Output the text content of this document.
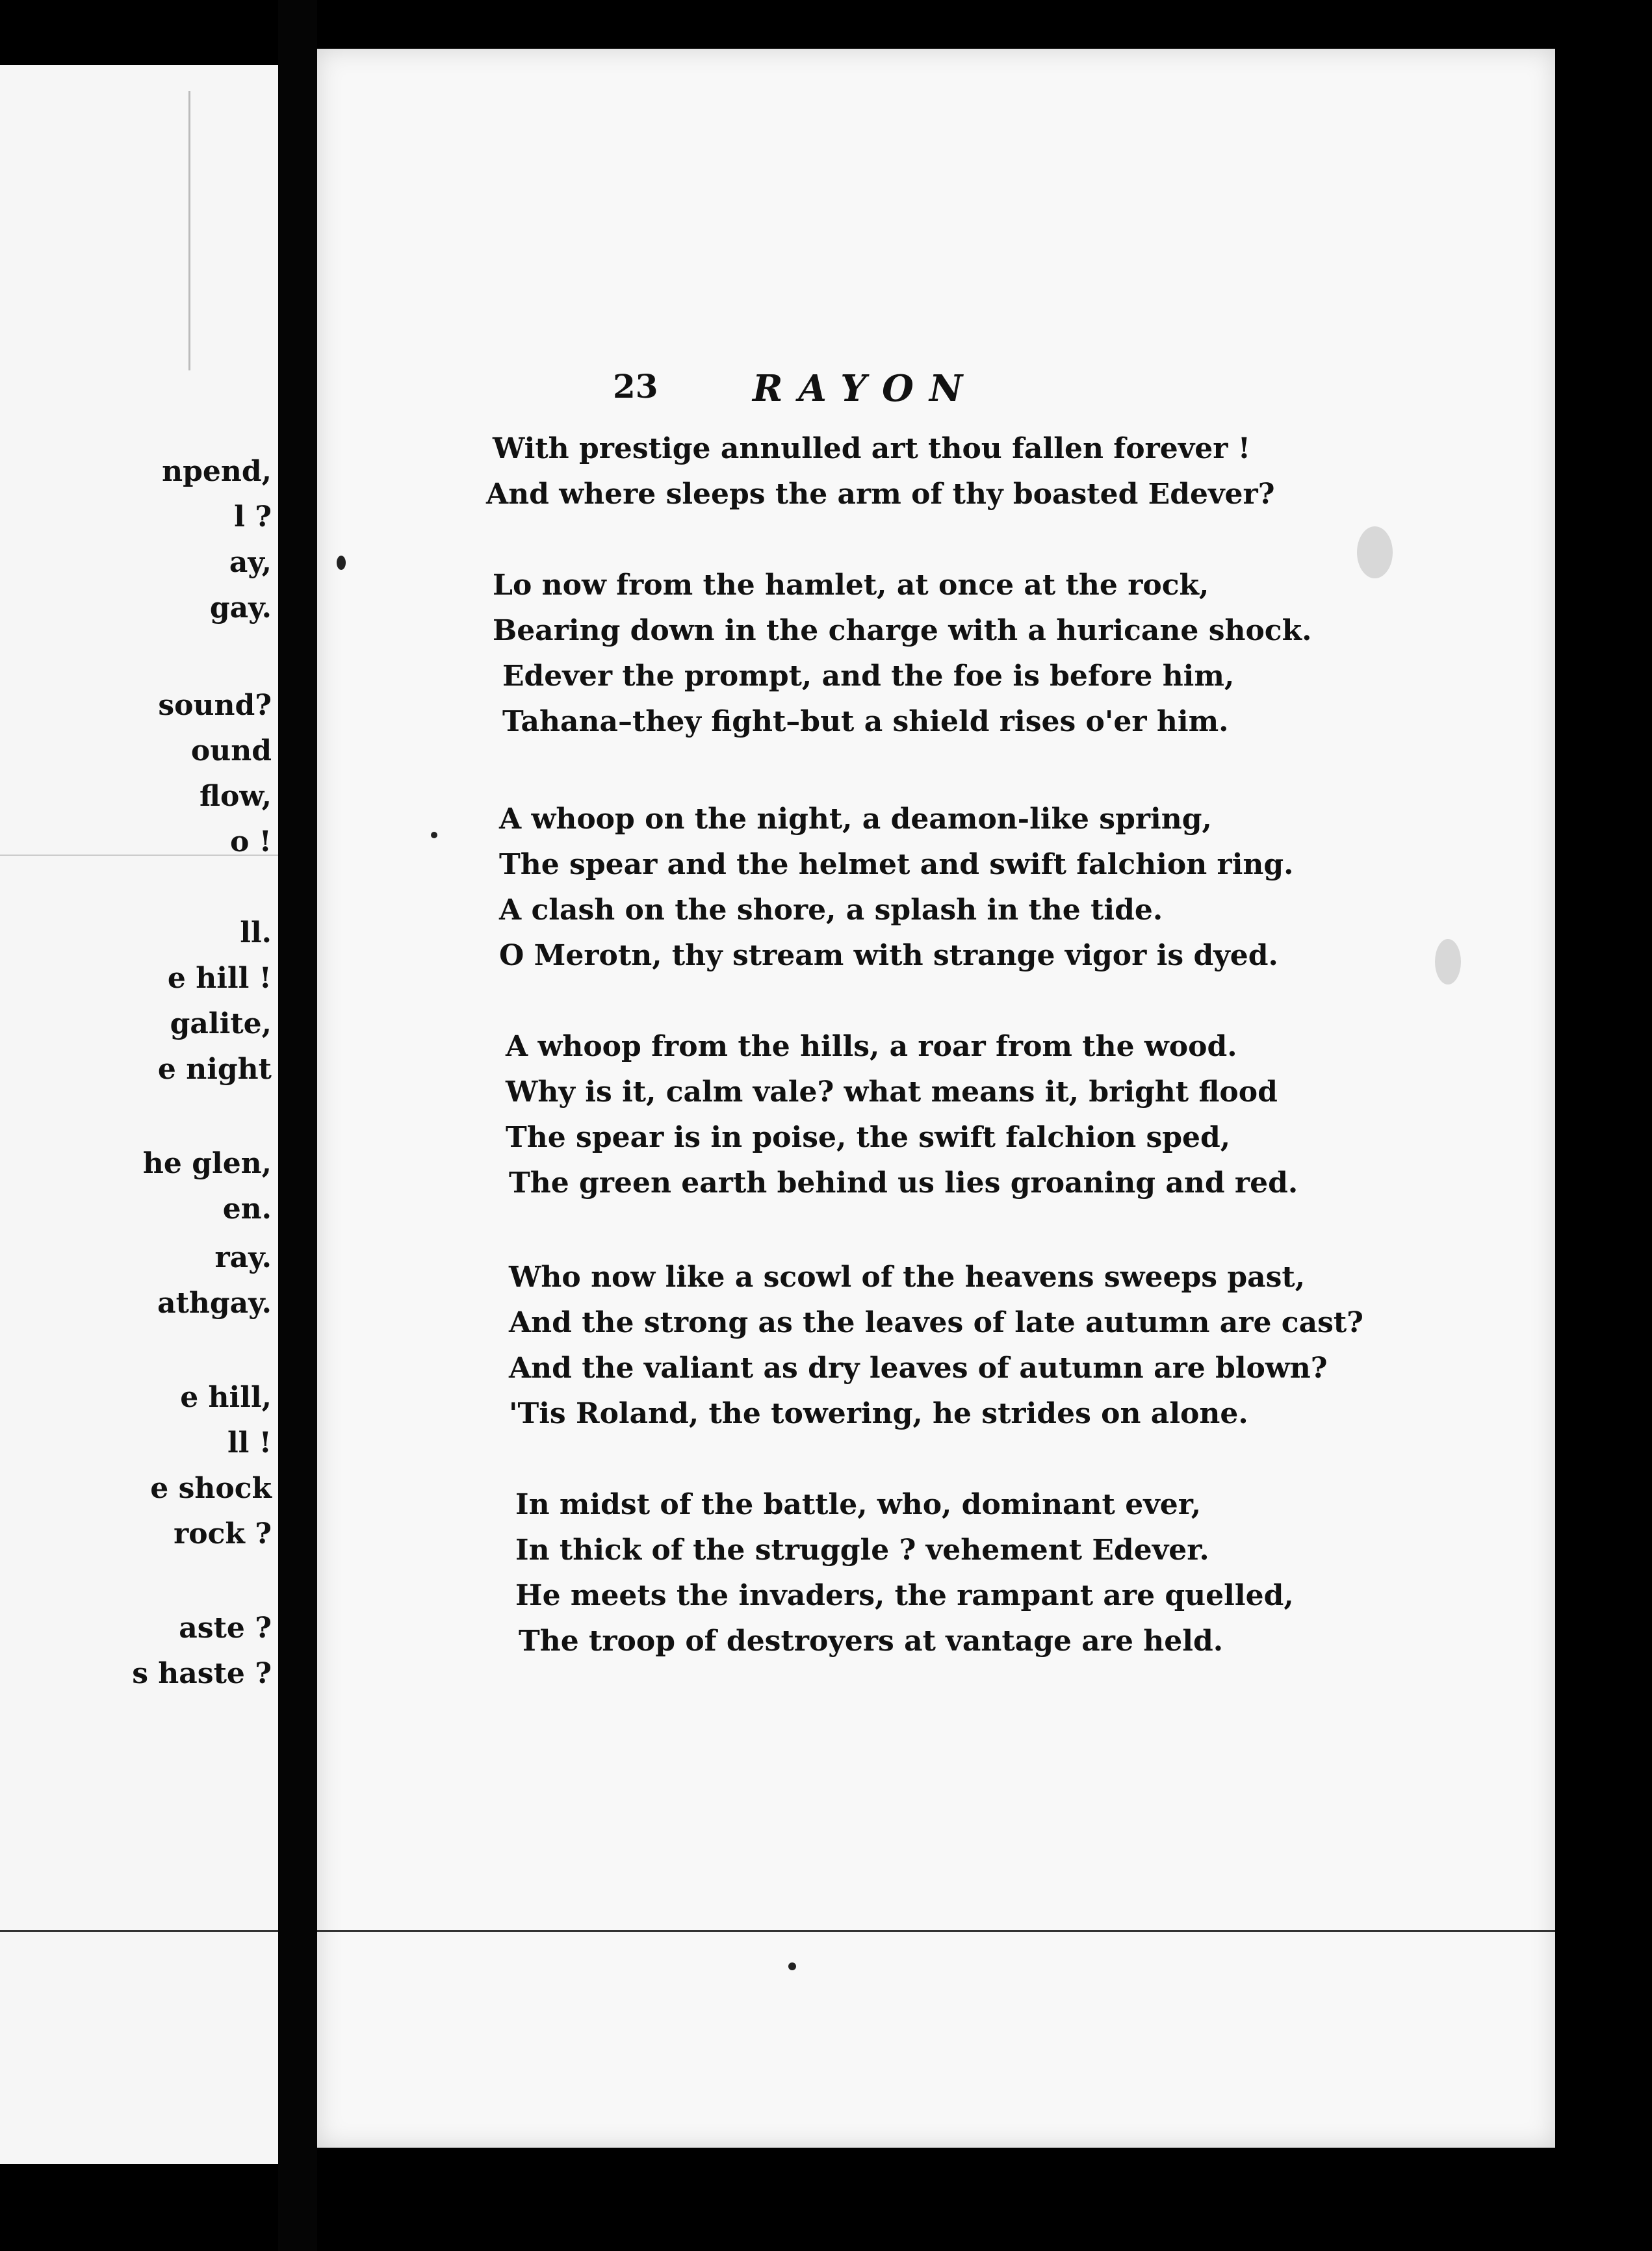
npend,

l ?

ay,

gay.

sound?

ound

flow,

o !

ll.

e hill !

galite,

e night

he glen,

en.

ray.

athgay.

e hill,

ll !

e shock

rock ?

aste ?

s haste ?

23	RAYON

With prestige annulled art thou fallen forever !

And where sleeps the arm of thy boasted Edever?

Lo now from the hamlet, at once at the rock,

Bearing down in the charge with a huricane shock.

Edever the prompt, and the foe is before him,

Tahana–they fight–but a shield rises o'er him.

A whoop on the night, a deamon-like spring,

The spear and the helmet and swift falchion ring.

A clash on the shore, a splash in the tide.

O Merotn, thy stream with strange vigor is dyed.

A whoop from the hills, a roar from the wood.

Why is it, calm vale? what means it, bright flood

The spear is in poise, the swift falchion sped,

The green earth behind us lies groaning and red.

Who now like a scowl of the heavens sweeps past,

And the strong as the leaves of late autumn are cast?

And the valiant as dry leaves of autumn are blown?

'Tis Roland, the towering, he strides on alone.

In midst of the battle, who, dominant ever,

In thick of the struggle ? vehement Edever.

He meets the invaders, the rampant are quelled,

The troop of destroyers at vantage are held.
